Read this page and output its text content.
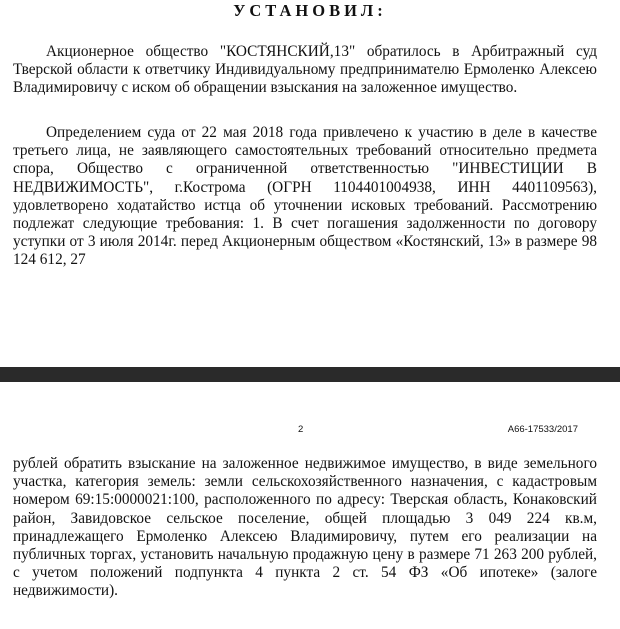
УСТАНОВИЛ:
Акционерное общество "КОСТЯНСКИЙ,13" обратилось в Арбитражный суд Тверской области к ответчику Индивидуальному предпринимателю Ермоленко Алексею Владимировичу с иском об обращении взыскания на заложенное имущество.
Определением суда от 22 мая 2018 года привлечено к участию в деле в качестве третьего лица, не заявляющего самостоятельных требований относительно предмета спора, Общество с ограниченной ответственностью "ИНВЕСТИЦИИ В НЕДВИЖИМОСТЬ", г.Кострома (ОГРН 1104401004938, ИНН 4401109563), удовлетворено ходатайство истца об уточнении исковых требований. Рассмотрению подлежат следующие требования: 1. В счет погашения задолженности по договору уступки от 3 июля 2014г. перед Акционерным обществом «Костянский, 13» в размере 98 124 612, 27
2	А66-17533/2017
рублей обратить взыскание на заложенное недвижимое имущество, в виде земельного участка, категория земель: земли сельскохозяйственного назначения, с кадастровым номером 69:15:0000021:100, расположенного по адресу: Тверская область, Конаковский район, Завидовское сельское поселение, общей площадью 3 049 224 кв.м, принадлежащего Ермоленко Алексею Владимировичу, путем его реализации на публичных торгах, установить начальную продажную цену в размере 71 263 200 рублей, с учетом положений подпункта 4 пункта 2 ст. 54 ФЗ «Об ипотеке» (залоге недвижимости).
